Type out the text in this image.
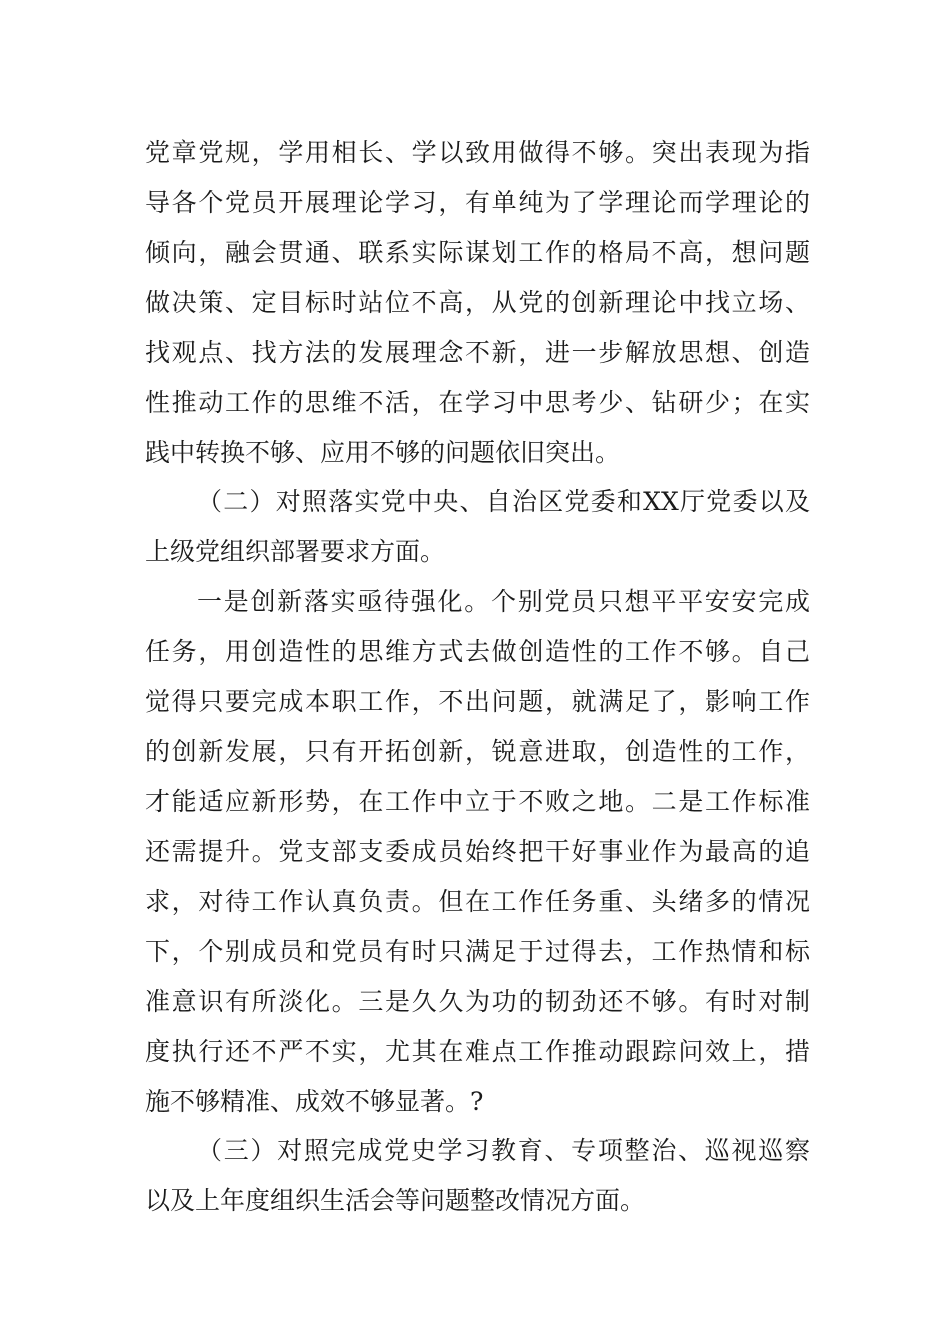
党章党规，学用相长、学以致用做得不够。突出表现为指
导各个党员开展理论学习，有单纯为了学理论而学理论的
倾向，融会贯通、联系实际谋划工作的格局不高，想问题
做决策、定目标时站位不高，从党的创新理论中找立场、
找观点、找方法的发展理念不新，进一步解放思想、创造
性推动工作的思维不活，在学习中思考少、钻研少；在实
践中转换不够、应用不够的问题依旧突出。
（二）对照落实党中央、自治区党委和XX厅党委以及
上级党组织部署要求方面。
一是创新落实亟待强化。个别党员只想平平安安完成
任务，用创造性的思维方式去做创造性的工作不够。自己
觉得只要完成本职工作，不出问题，就满足了，影响工作
的创新发展，只有开拓创新，锐意进取，创造性的工作，
才能适应新形势，在工作中立于不败之地。二是工作标准
还需提升。党支部支委成员始终把干好事业作为最高的追
求，对待工作认真负责。但在工作任务重、头绪多的情况
下，个别成员和党员有时只满足于过得去，工作热情和标
准意识有所淡化。三是久久为功的韧劲还不够。有时对制
度执行还不严不实，尤其在难点工作推动跟踪问效上，措
施不够精准、成效不够显著。?
（三）对照完成党史学习教育、专项整治、巡视巡察
以及上年度组织生活会等问题整改情况方面。
